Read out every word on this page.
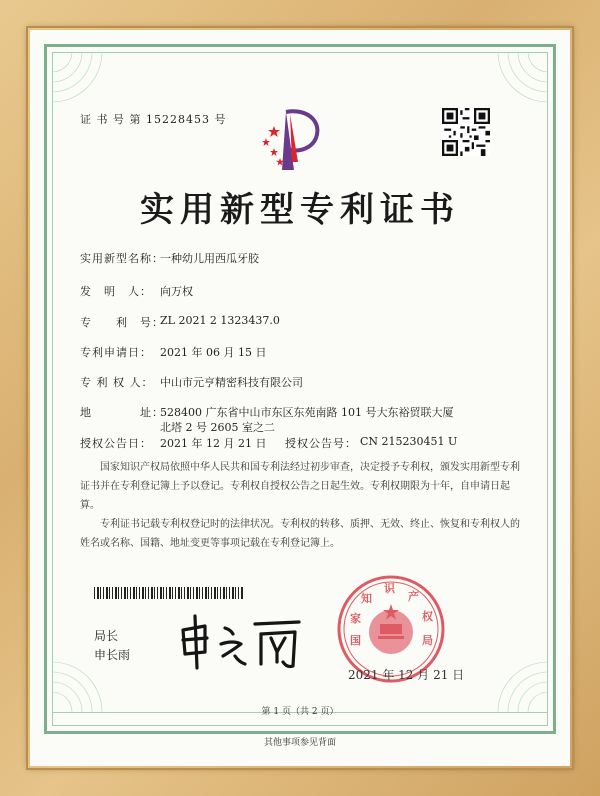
证 书 号 第 15228453 号
实用新型专利证书
实用新型名称：
一种幼儿用西瓜牙胶
发　明　人： 向万权
专　　利　号：
ZL 2021 2 1323437.0
专利申请日： 2021 年 06 月 15 日
专 利 权 人： 中山市元亨精密科技有限公司
地　　　　址：
528400 广东省中山市东区东苑南路 101 号大东裕贸联大厦
北塔 2 号 2605 室之二
授权公告日： 2021 年 12 月 21 日 授权公告号： CN 215230451 U
国家知识产权局依照中华人民共和国专利法经过初步审查，决定授予专利权，颁发实用新型专利证书并在专利登记簿上予以登记。专利权自授权公告之日起生效。专利权期限为十年，自申请日起算。
专利证书记载专利权登记时的法律状况。专利权的转移、质押、无效、终止、恢复和专利权人的姓名或名称、国籍、地址变更等事项记载在专利登记簿上。
局长
申长雨
国
家
知
识
产
权
局
2021 年 12 月 21 日
第 1 页（共 2 页）
其他事项参见背面
